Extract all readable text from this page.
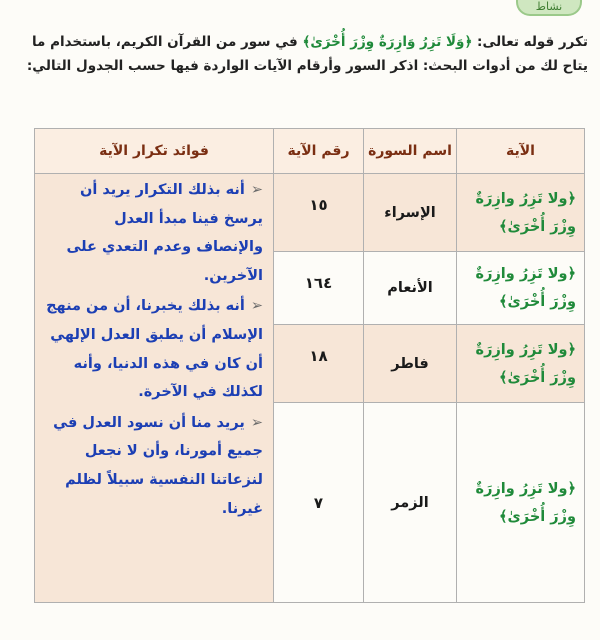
نشاط
تكرر قوله تعالى: ﴿وَلَا تَزِرُ وَازِرَةٌ وِزْرَ أُخْرَىٰ﴾ في سور من القرآن الكريم، باستخدام ما يتاح لك من أدوات البحث: اذكر السور وأرقام الآيات الواردة فيها حسب الجدول التالي:
الآية	اسم السورة	رقم الآية	فوائد تكرار الآية
﴿ولا تَزِرُ وازِرَةٌ وِزْرَ أُخْرَىٰ﴾	الإسراء	١٥	➢أنه بذلك التكرار يريد أن يرسخ فينا مبدأ العدل والإنصاف وعدم التعدي على الآخرين.

➢أنه بذلك يخبرنا، أن من منهج الإسلام أن يطبق العدل الإلهي أن كان في هذه الدنيا، وأنه لكذلك في الآخرة.

➢يريد منا أن نسود العدل في جميع أمورنا، وأن لا نجعل لنزعاتنا النفسية سبيلاً لظلم غيرنا.

﴿ولا تَزِرُ وازِرَةٌ وِزْرَ أُخْرَىٰ﴾	الأنعام	١٦٤	
﴿ولا تَزِرُ وازِرَةٌ وِزْرَ أُخْرَىٰ﴾	فاطر	١٨	
﴿ولا تَزِرُ وازِرَةٌ وِزْرَ أُخْرَىٰ﴾	الزمر	٧	
